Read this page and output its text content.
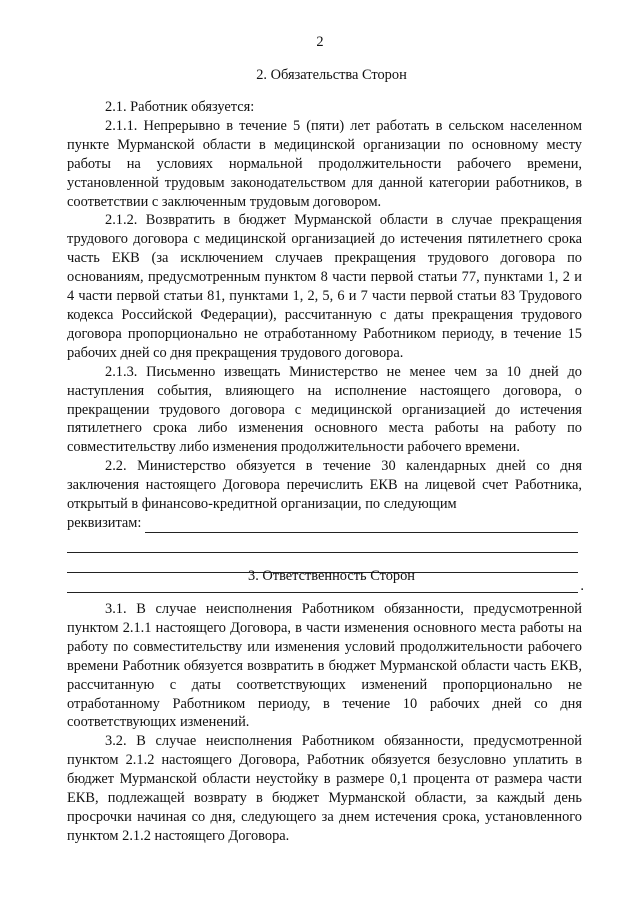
2
2. Обязательства Сторон

2.1. Работник обязуется:

2.1.1. Непрерывно в течение 5 (пяти) лет работать в сельском населенном пункте Мурманской области в медицинской организации по основному месту работы на условиях нормальной продолжительности рабочего времени, установленной трудовым законодательством для данной категории работников, в соответствии с заключенным трудовым договором.

2.1.2. Возвратить в бюджет Мурманской области в случае прекращения трудового договора с медицинской организацией до истечения пятилетнего срока часть ЕКВ (за исключением случаев прекращения трудового договора по основаниям, предусмотренным пунктом 8 части первой статьи 77, пунктами 1, 2 и 4 части первой статьи 81, пунктами 1, 2, 5, 6 и 7 части первой статьи 83 Трудового кодекса Российской Федерации), рассчитанную с даты прекращения трудового договора пропорционально не отработанному Работником периоду, в течение 15 рабочих дней со дня прекращения трудового договора.

2.1.3. Письменно извещать Министерство не менее чем за 10 дней до наступления события, влияющего на исполнение настоящего договора, о прекращении трудового договора с медицинской организацией до истечения пятилетнего срока либо изменения основного места работы на работу по совместительству либо изменения продолжительности рабочего времени.

2.2. Министерство обязуется в течение 30 календарных дней со дня заключения настоящего Договора перечислить ЕКВ на лицевой счет Работника, открытый в финансово-кредитной организации, по следующим

реквизитам:
.
3. Ответственность Сторон

3.1. В случае неисполнения Работником обязанности, предусмотренной пунктом 2.1.1 настоящего Договора, в части изменения основного места работы на работу по совместительству или изменения условий продолжительности рабочего времени Работник обязуется возвратить в бюджет Мурманской области часть ЕКВ, рассчитанную с даты соответствующих изменений пропорционально не отработанному Работником периоду, в течение 10 рабочих дней со дня соответствующих изменений.

3.2. В случае неисполнения Работником обязанности, предусмотренной пунктом 2.1.2 настоящего Договора, Работник обязуется безусловно уплатить в бюджет Мурманской области неустойку в размере 0,1 процента от размера части ЕКВ, подлежащей возврату в бюджет Мурманской области, за каждый день просрочки начиная со дня, следующего за днем истечения срока, установленного пунктом 2.1.2 настоящего Договора.
